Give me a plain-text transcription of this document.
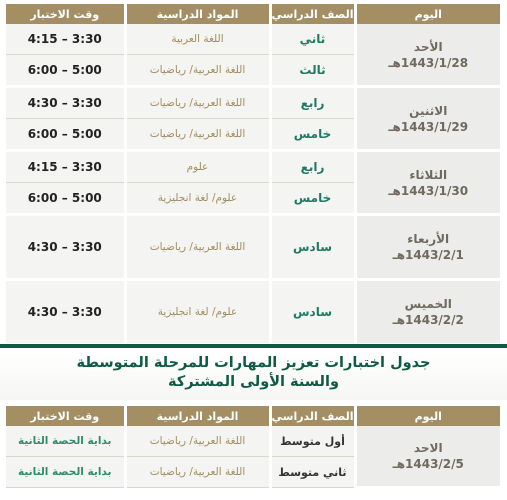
اليوم	الصف الدراسي	المواد الدراسية	وقت الاختبار

الأحد
1443/1/28هـ	ثاني	اللغة العربية	3:30 – 4:15
	ثالث	اللغة العربية/ رياضيات	5:00 – 6:00

الاثنين
1443/1/29هـ	رابع	اللغة العربية/ رياضيات	3:30 – 4:30
	خامس	اللغة العربية/ رياضيات	5:00 – 6:00

الثلاثاء
1443/1/30هـ	رابع	علوم	3:30 – 4:15
	خامس	علوم/ لغة انجليزية	5:00 – 6:00

الأربعاء
1443/2/1هـ	سادس	اللغة العربية/ رياضيات	3:30 – 4:30

الخميس
1443/2/2هـ	سادس	علوم/ لغة انجليزية	3:30 – 4:30
جدول اختبارات تعزيز المهارات للمرحلة المتوسطة
والسنة الأولى المشتركة
اليوم	الصف الدراسي	المواد الدراسية	وقت الاختبار

الاحد
1443/2/5هـ	أول متوسط	اللغة العربية/ رياضيات	بداية الحصة الثانية
	ثاني متوسط	اللغة العربية/ رياضيات	بداية الحصة الثانية
